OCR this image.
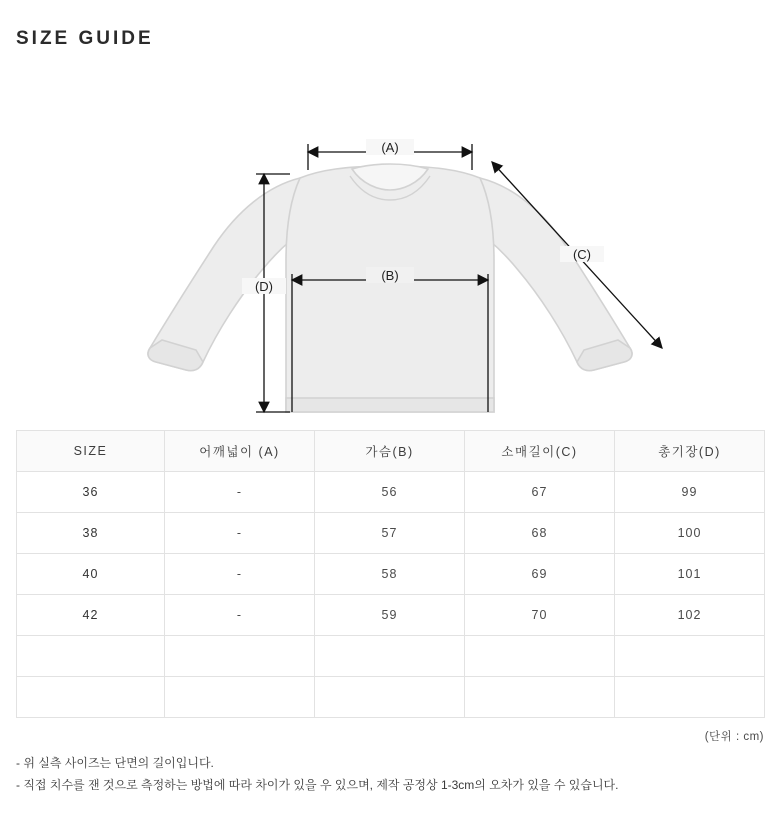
SIZE GUIDE
(A)
(B)
(C)
(D)
SIZE	어깨넓이 (A)	가슴(B)	소매길이(C)	총기장(D)
36	-	56	67	99
38	-	57	68	100
40	-	58	69	101
42	-	59	70	102

(단위 : cm)
- 위 실측 사이즈는 단면의 길이입니다.
- 직접 치수를 잰 것으로 측정하는 방법에 따라 차이가 있을 우 있으며, 제작 공정상 1-3cm의 오차가 있을 수 있습니다.
